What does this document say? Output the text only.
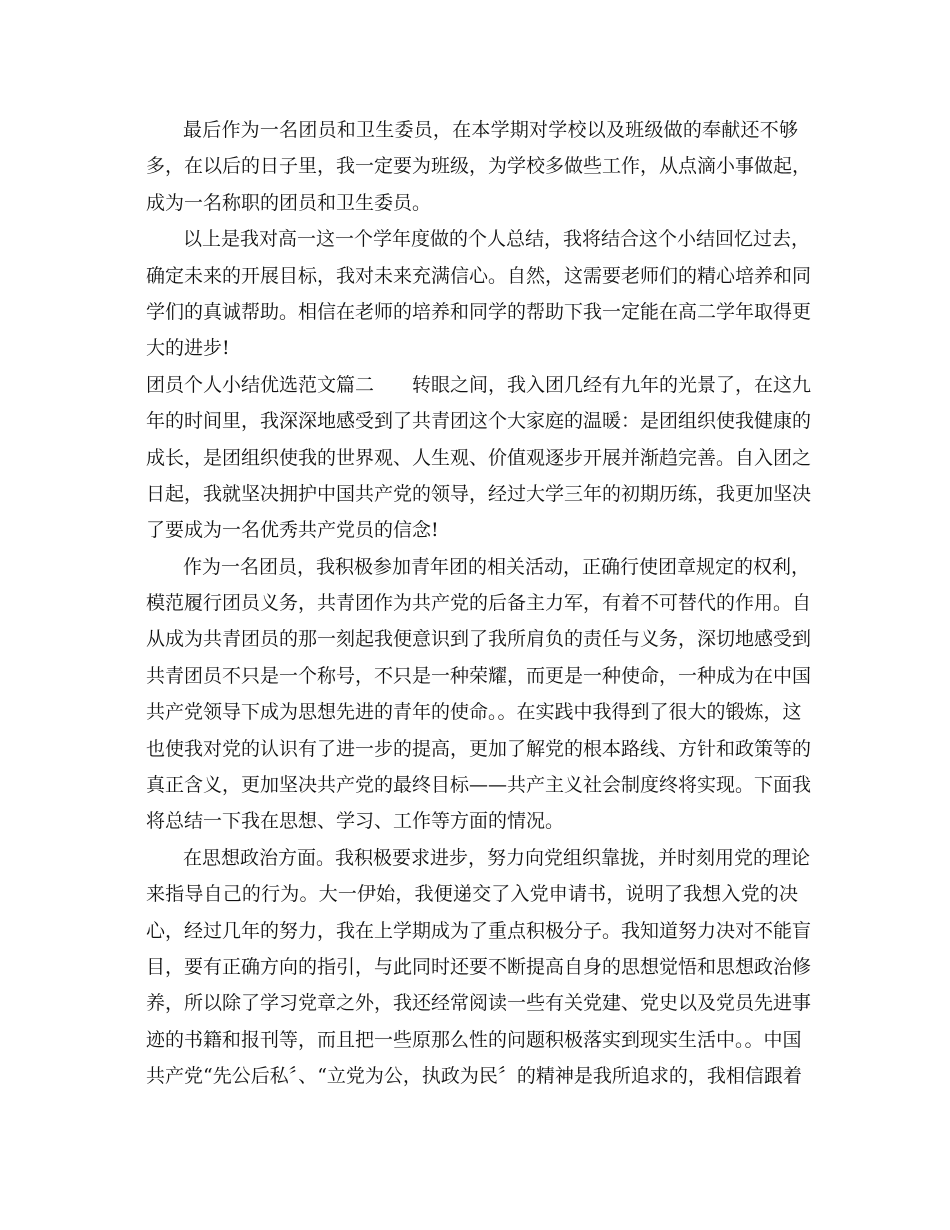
最后作为一名团员和卫生委员，在本学期对学校以及班级做的奉献还不够
多，在以后的日子里，我一定要为班级，为学校多做些工作，从点滴小事做起，
成为一名称职的团员和卫生委员。
以上是我对高一这一个学年度做的个人总结，我将结合这个小结回忆过去，
确定未来的开展目标，我对未来充满信心。自然，这需要老师们的精心培养和同
学们的真诚帮助。相信在老师的培养和同学的帮助下我一定能在高二学年取得更
大的进步!
团员个人小结优选范文篇二 转眼之间，我入团几经有九年的光景了，在这九
年的时间里，我深深地感受到了共青团这个大家庭的温暖：是团组织使我健康的
成长，是团组织使我的世界观、人生观、价值观逐步开展并渐趋完善。自入团之
日起，我就坚决拥护中国共产党的领导，经过大学三年的初期历练，我更加坚决
了要成为一名优秀共产党员的信念!
作为一名团员，我积极参加青年团的相关活动，正确行使团章规定的权利，
模范履行团员义务，共青团作为共产党的后备主力军，有着不可替代的作用。自
从成为共青团员的那一刻起我便意识到了我所肩负的责任与义务，深切地感受到
共青团员不只是一个称号，不只是一种荣耀，而更是一种使命，一种成为在中国
共产党领导下成为思想先进的青年的使命。。在实践中我得到了很大的锻炼，这
也使我对党的认识有了进一步的提高，更加了解党的根本路线、方针和政策等的
真正含义，更加坚决共产党的最终目标——共产主义社会制度终将实现。下面我
将总结一下我在思想、学习、工作等方面的情况。
在思想政治方面。我积极要求进步，努力向党组织靠拢，并时刻用党的理论
来指导自己的行为。大一伊始，我便递交了入党申请书，说明了我想入党的决
心，经过几年的努力，我在上学期成为了重点积极分子。我知道努力决对不能盲
目，要有正确方向的指引，与此同时还要不断提高自身的思想觉悟和思想政治修
养，所以除了学习党章之外，我还经常阅读一些有关党建、党史以及党员先进事
迹的书籍和报刊等，而且把一些原那么性的问题积极落实到现实生活中。。中国
共产党“先公后私〞、“立党为公，执政为民〞的精神是我所追求的，我相信跟着
